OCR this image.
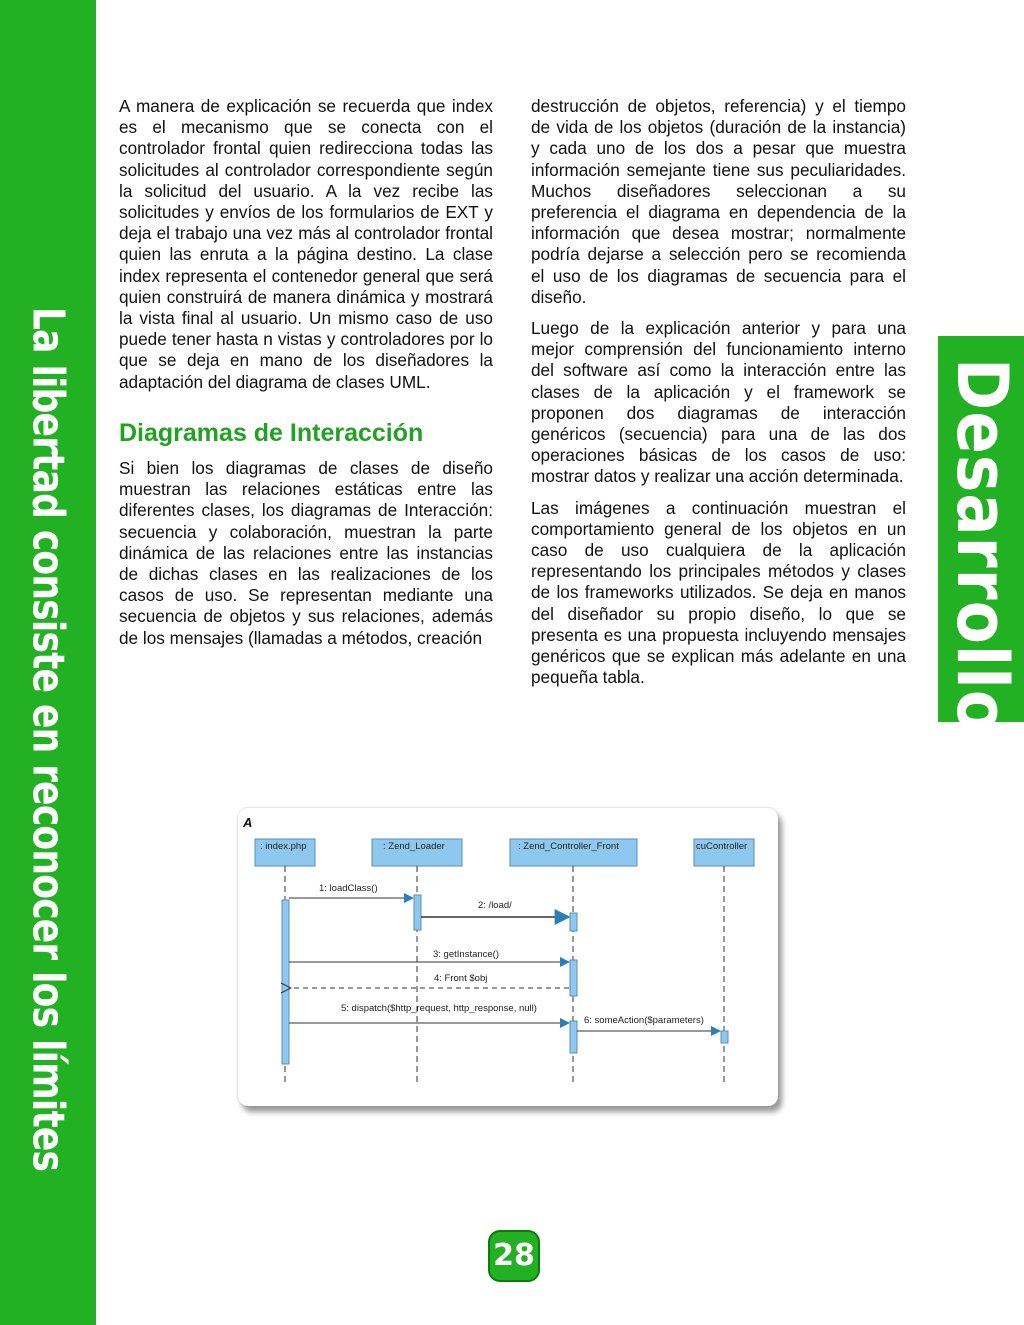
La libertad consiste en reconocer los límites	Desarrollo

A manera de explicación se recuerda que index es el mecanismo que se conecta con el controlador frontal quien redirecciona todas las solicitudes al controlador correspondiente según la solicitud del usuario. A la vez recibe las solicitudes y envíos de los formularios de EXT y deja el trabajo una vez más al controlador frontal quien las enruta a la página destino. La clase index representa el contenedor general que será quien construirá de manera dinámica y mostrará la vista final al usuario. Un mismo caso de uso puede tener hasta n vistas y controladores por lo que se deja en mano de los diseñadores la adaptación del diagrama de clases UML.

Diagramas de Interacción

Si bien los diagramas de clases de diseño muestran las relaciones estáticas entre las diferentes clases, los diagramas de Interacción: secuencia y colaboración, muestran la parte dinámica de las relaciones entre las instancias de dichas clases en las realizaciones de los casos de uso. Se representan mediante una secuencia de objetos y sus relaciones, además de los mensajes (llamadas a métodos, creación

destrucción de objetos, referencia) y el tiempo de vida de los objetos (duración de la instancia) y cada uno de los dos a pesar que muestra información semejante tiene sus peculiaridades. Muchos diseñadores seleccionan a su preferencia el diagrama en dependencia de la información que desea mostrar; normalmente podría dejarse a selección pero se recomienda el uso de los diagramas de secuencia para el diseño.

Luego de la explicación anterior y para una mejor comprensión del funcionamiento interno del software así como la interacción entre las clases de la aplicación y el framework se proponen dos diagramas de interacción genéricos (secuencia) para una de las dos operaciones básicas de los casos de uso: mostrar datos y realizar una acción determinada.

Las imágenes a continuación muestran el comportamiento general de los objetos en un caso de uso cualquiera de la aplicación representando los principales métodos y clases de los frameworks utilizados. Se deja en manos del diseñador su propio diseño, lo que se presenta es una propuesta incluyendo mensajes genéricos que se explican más adelante en una pequeña tabla.

A
: index.php	: Zend_Loader	: Zend_Controller_Front	cuController
1: loadClass()
2: /load/
3: getInstance()
4: Front $obj
5: dispatch($http_request, http_response, null)
6: someAction($parameters)
28
